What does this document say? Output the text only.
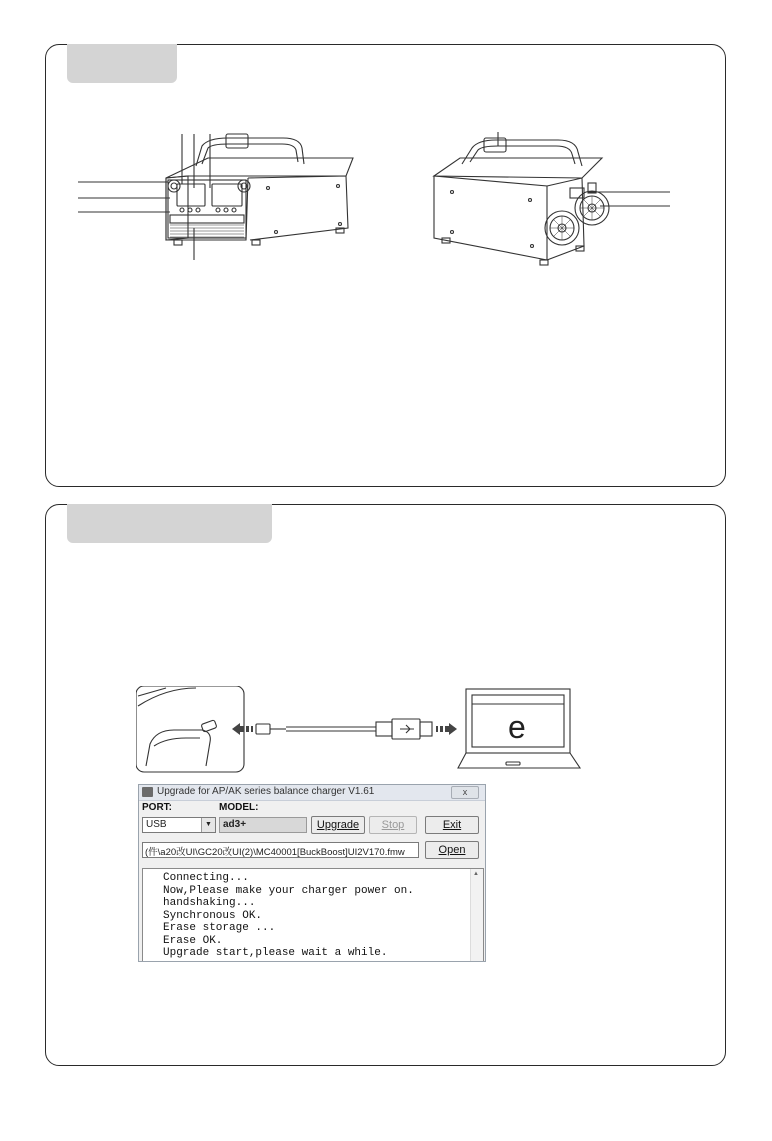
e
Upgrade for AP/AK series balance charger V1.61	x
PORT:	MODEL:
USB	▼	ad3+	Upgrade	Stop	Exit
(件\a20改UI\GC20改UI(2)\MC40001[BuckBoost]UI2V170.fmw	Open
Connecting...
Now,Please make your charger power on.
handshaking...
Synchronous OK.
Erase storage ...
Erase OK.
Upgrade start,please wait a while.
▲
